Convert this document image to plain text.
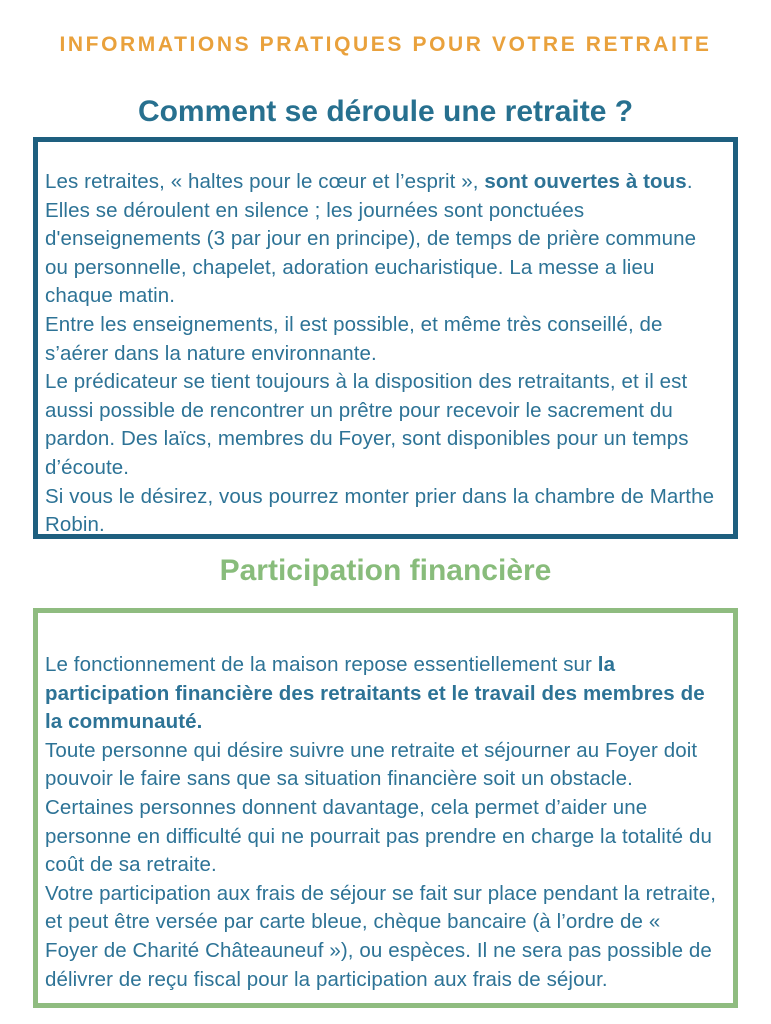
INFORMATIONS PRATIQUES POUR VOTRE RETRAITE
Comment se déroule une retraite ?

Les retraites, « haltes pour le cœur et l’esprit », sont ouvertes à tous.

Elles se déroulent en silence ; les journées sont ponctuées d'enseignements (3 par jour en principe), de temps de prière commune ou personnelle, chapelet, adoration eucharistique. La messe a lieu chaque matin.

Entre les enseignements, il est possible, et même très conseillé, de s’aérer dans la nature environnante.

Le prédicateur se tient toujours à la disposition des retraitants, et il est aussi possible de rencontrer un prêtre pour recevoir le sacrement du pardon. Des laïcs, membres du Foyer, sont disponibles pour un temps d’écoute.

Si vous le désirez, vous pourrez monter prier dans la chambre de Marthe Robin.

Participation financière

Le fonctionnement de la maison repose essentiellement sur la participation financière des retraitants et le travail des membres de la communauté.

Toute personne qui désire suivre une retraite et séjourner au Foyer doit pouvoir le faire sans que sa situation financière soit un obstacle.

Certaines personnes donnent davantage, cela permet d’aider une personne en difficulté qui ne pourrait pas prendre en charge la totalité du coût de sa retraite.

Votre participation aux frais de séjour se fait sur place pendant la retraite, et peut être versée par carte bleue, chèque bancaire (à l’ordre de « Foyer de Charité Châteauneuf »), ou espèces. Il ne sera pas possible de délivrer de reçu fiscal pour la participation aux frais de séjour.
